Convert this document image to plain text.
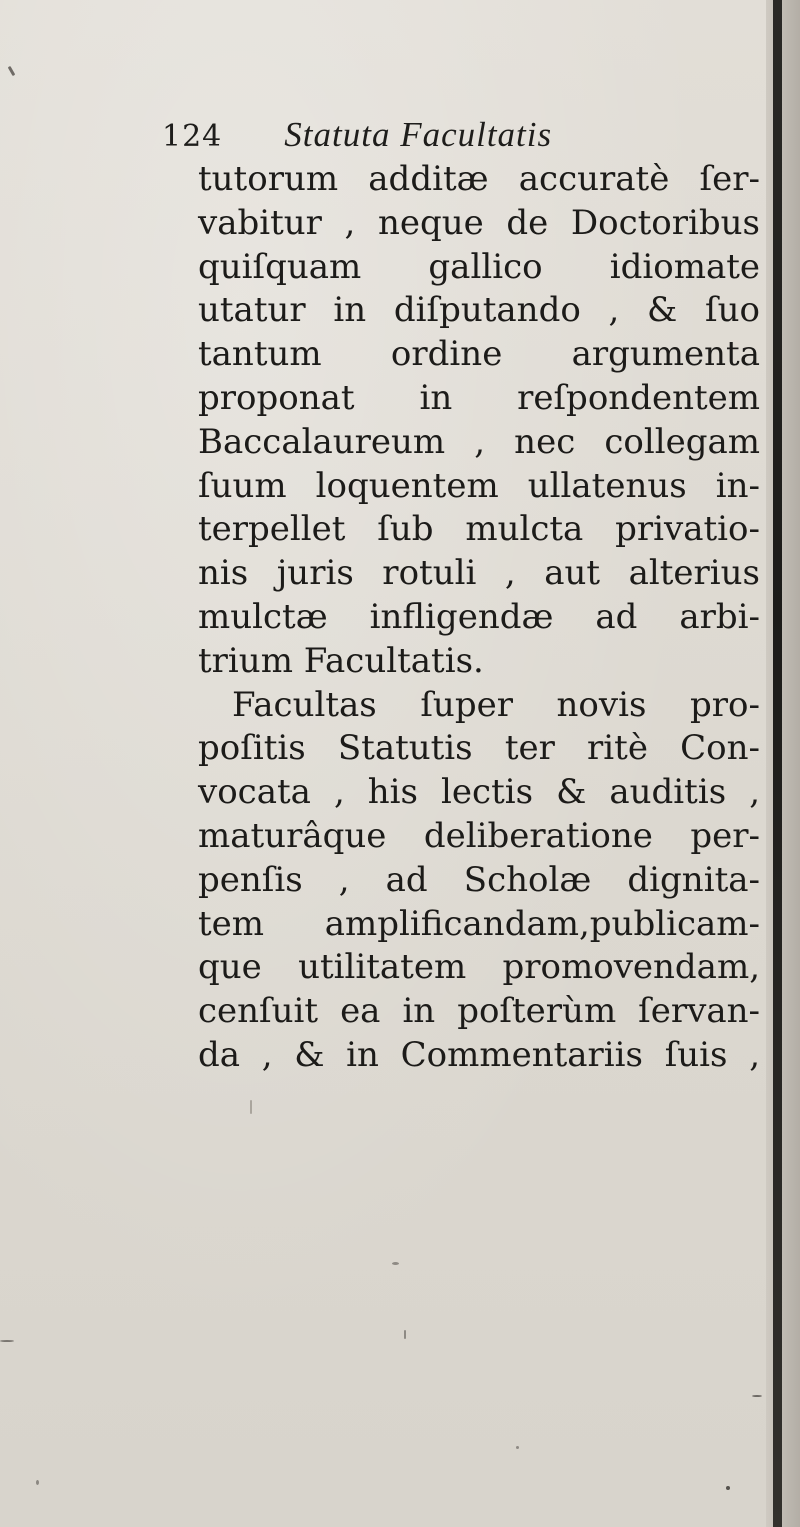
124 Statuta Facultatis
tutorum additæ accuratè ſer-
vabitur , neque de Doctoribus
quiſquam gallico idiomate
utatur in diſputando , & ſuo
tantum ordine argumenta
proponat in reſpondentem
Baccalaureum , nec collegam
ſuum loquentem ullatenus in-
terpellet ſub mulcta privatio-
nis juris rotuli , aut alterius
mulctæ infligendæ ad arbi-
trium Facultatis.
Facultas ſuper novis pro-
poſitis Statutis ter ritè Con-
vocata , his lectis & auditis ,
maturâque deliberatione per-
penſis , ad Scholæ dignita-
tem amplificandam,publicam-
que utilitatem promovendam,
cenſuit ea in poſterùm ſervan-
da , & in Commentariis ſuis ,
